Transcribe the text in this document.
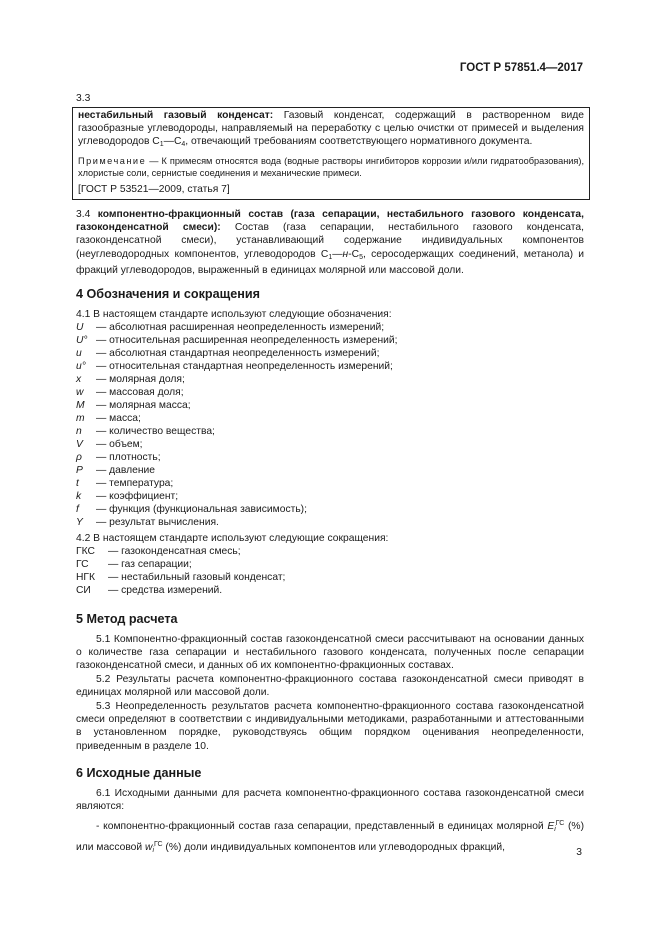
ГОСТ Р 57851.4—2017
3.3
нестабильный газовый конденсат: Газовый конденсат, содержащий в растворенном виде газообразные углеводороды, направляемый на переработку с целью очистки от примесей и выделения углеводородов $С_1—С_4$, отвечающий требованиям соответствующего нормативного документа.
Примечание — К примесям относятся вода (водные растворы ингибиторов коррозии и/или гидратообразования), хлористые соли, сернистые соединения и механические примеси.
[ГОСТ Р 53521—2009, статья 7]
3.4 компонентно-фракционный состав (газа сепарации, нестабильного газового конденсата, газоконденсатной смеси): Состав (газа сепарации, нестабильного газового конденсата, газоконденсатной смеси), устанавливающий содержание индивидуальных компонентов (неуглеводородных компонентов, углеводородов $С_1—н-С_5$, серосодержащих соединений, метанола) и фракций углеводородов, выраженный в единицах молярной или массовой доли.
4 Обозначения и сокращения
4.1 В настоящем стандарте используют следующие обозначения:
U — абсолютная расширенная неопределенность измерений;
U° — относительная расширенная неопределенность измерений;
u — абсолютная стандартная неопределенность измерений;
u° — относительная стандартная неопределенность измерений;
x — молярная доля;
w — массовая доля;
M — молярная масса;
m — масса;
n — количество вещества;
V — объем;
ρ — плотность;
P — давление
t — температура;
k — коэффициент;
f — функция (функциональная зависимость);
Y — результат вычисления.
4.2 В настоящем стандарте используют следующие сокращения:
ГКС — газоконденсатная смесь;
ГС — газ сепарации;
НГК — нестабильный газовый конденсат;
СИ — средства измерений.
5 Метод расчета
5.1 Компонентно-фракционный состав газоконденсатной смеси рассчитывают на основании данных о количестве газа сепарации и нестабильного газового конденсата, полученных после сепарации газоконденсатной смеси, и данных об их компонентно-фракционных составах.
5.2 Результаты расчета компонентно-фракционного состава газоконденсатной смеси приводят в единицах молярной или массовой доли.
5.3 Неопределенность результатов расчета компонентно-фракционного состава газоконденсатной смеси определяют в соответствии с индивидуальными методиками, разработанными и аттестованными в установленном порядке, руководствуясь общим порядком оценивания неопределенности, приведенным в разделе 10.
6 Исходные данные
6.1 Исходными данными для расчета компонентно-фракционного состава газоконденсатной смеси являются:
- компонентно-фракционный состав газа сепарации, представленный в единицах молярной $E_i^{ГС}$ (%) или массовой $w_i^{ГС}$ (%) доли индивидуальных компонентов или углеводородных фракций,	3
